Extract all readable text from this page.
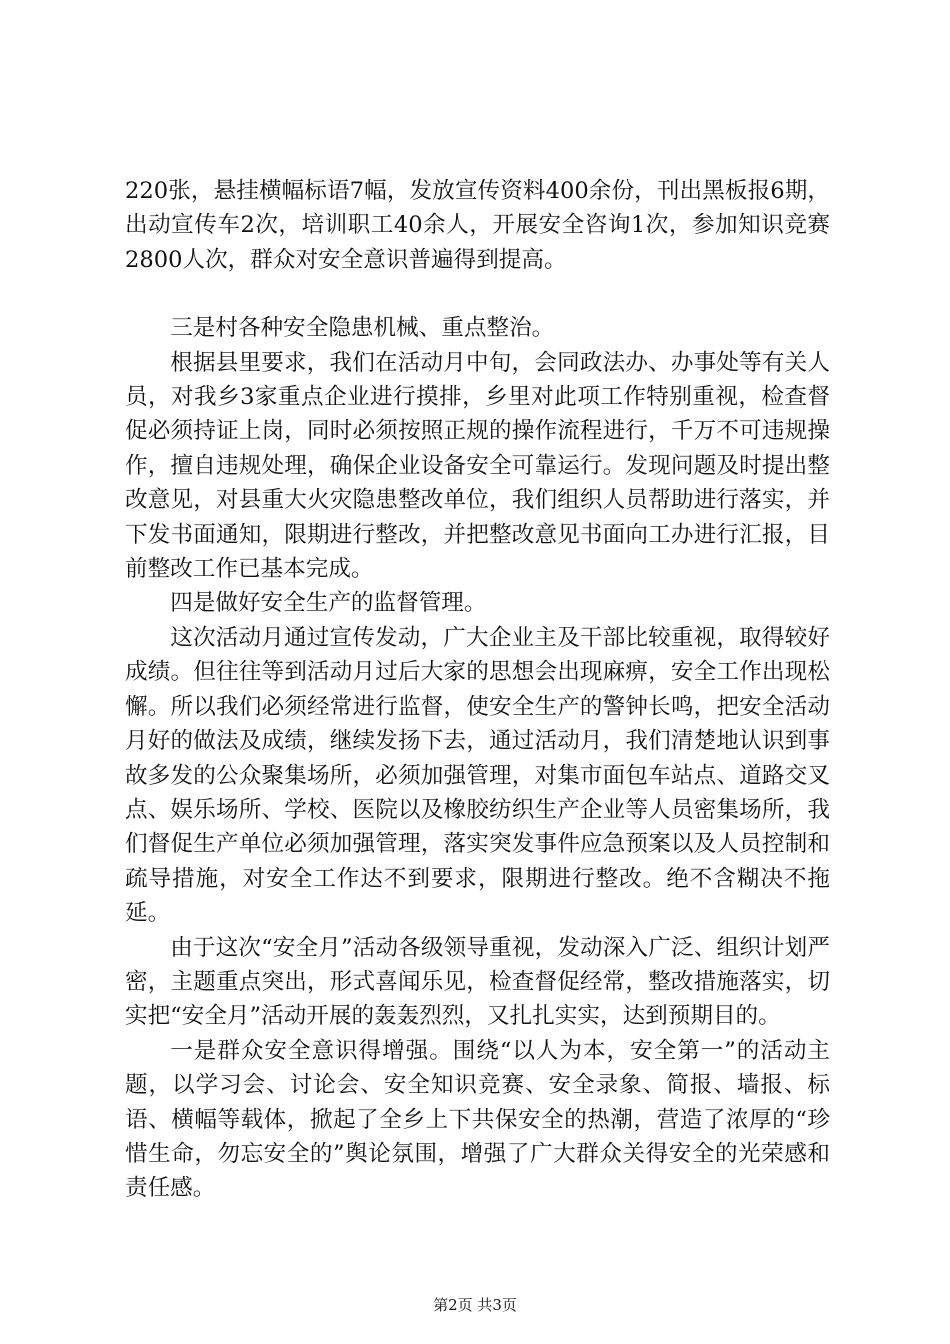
220张，悬挂横幅标语7幅，发放宣传资料400余份，刊出黑板报6期，出动宣传车2次，培训职工40余人，开展安全咨询1次，参加知识竞赛2800人次，群众对安全意识普遍得到提高。

三是村各种安全隐患机械、重点整治。

根据县里要求，我们在活动月中旬，会同政法办、办事处等有关人员，对我乡3家重点企业进行摸排，乡里对此项工作特别重视，检查督促必须持证上岗，同时必须按照正规的操作流程进行，千万不可违规操作，擅自违规处理，确保企业设备安全可靠运行。发现问题及时提出整改意见，对县重大火灾隐患整改单位，我们组织人员帮助进行落实，并下发书面通知，限期进行整改，并把整改意见书面向工办进行汇报，目前整改工作已基本完成。

四是做好安全生产的监督管理。

这次活动月通过宣传发动，广大企业主及干部比较重视，取得较好成绩。但往往等到活动月过后大家的思想会出现麻痹，安全工作出现松懈。所以我们必须经常进行监督，使安全生产的警钟长鸣，把安全活动月好的做法及成绩，继续发扬下去，通过活动月，我们清楚地认识到事故多发的公众聚集场所，必须加强管理，对集市面包车站点、道路交叉点、娱乐场所、学校、医院以及橡胶纺织生产企业等人员密集场所，我们督促生产单位必须加强管理，落实突发事件应急预案以及人员控制和疏导措施，对安全工作达不到要求，限期进行整改。绝不含糊决不拖延。

由于这次“安全月”活动各级领导重视，发动深入广泛、组织计划严密，主题重点突出，形式喜闻乐见，检查督促经常，整改措施落实，切实把“安全月”活动开展的轰轰烈烈，又扎扎实实，达到预期目的。

一是群众安全意识得增强。围绕“以人为本，安全第一”的活动主题，以学习会、讨论会、安全知识竞赛、安全录象、简报、墙报、标语、横幅等载体，掀起了全乡上下共保安全的热潮，营造了浓厚的“珍惜生命，勿忘安全的”舆论氛围，增强了广大群众关得安全的光荣感和责任感。

第2页 共3页
